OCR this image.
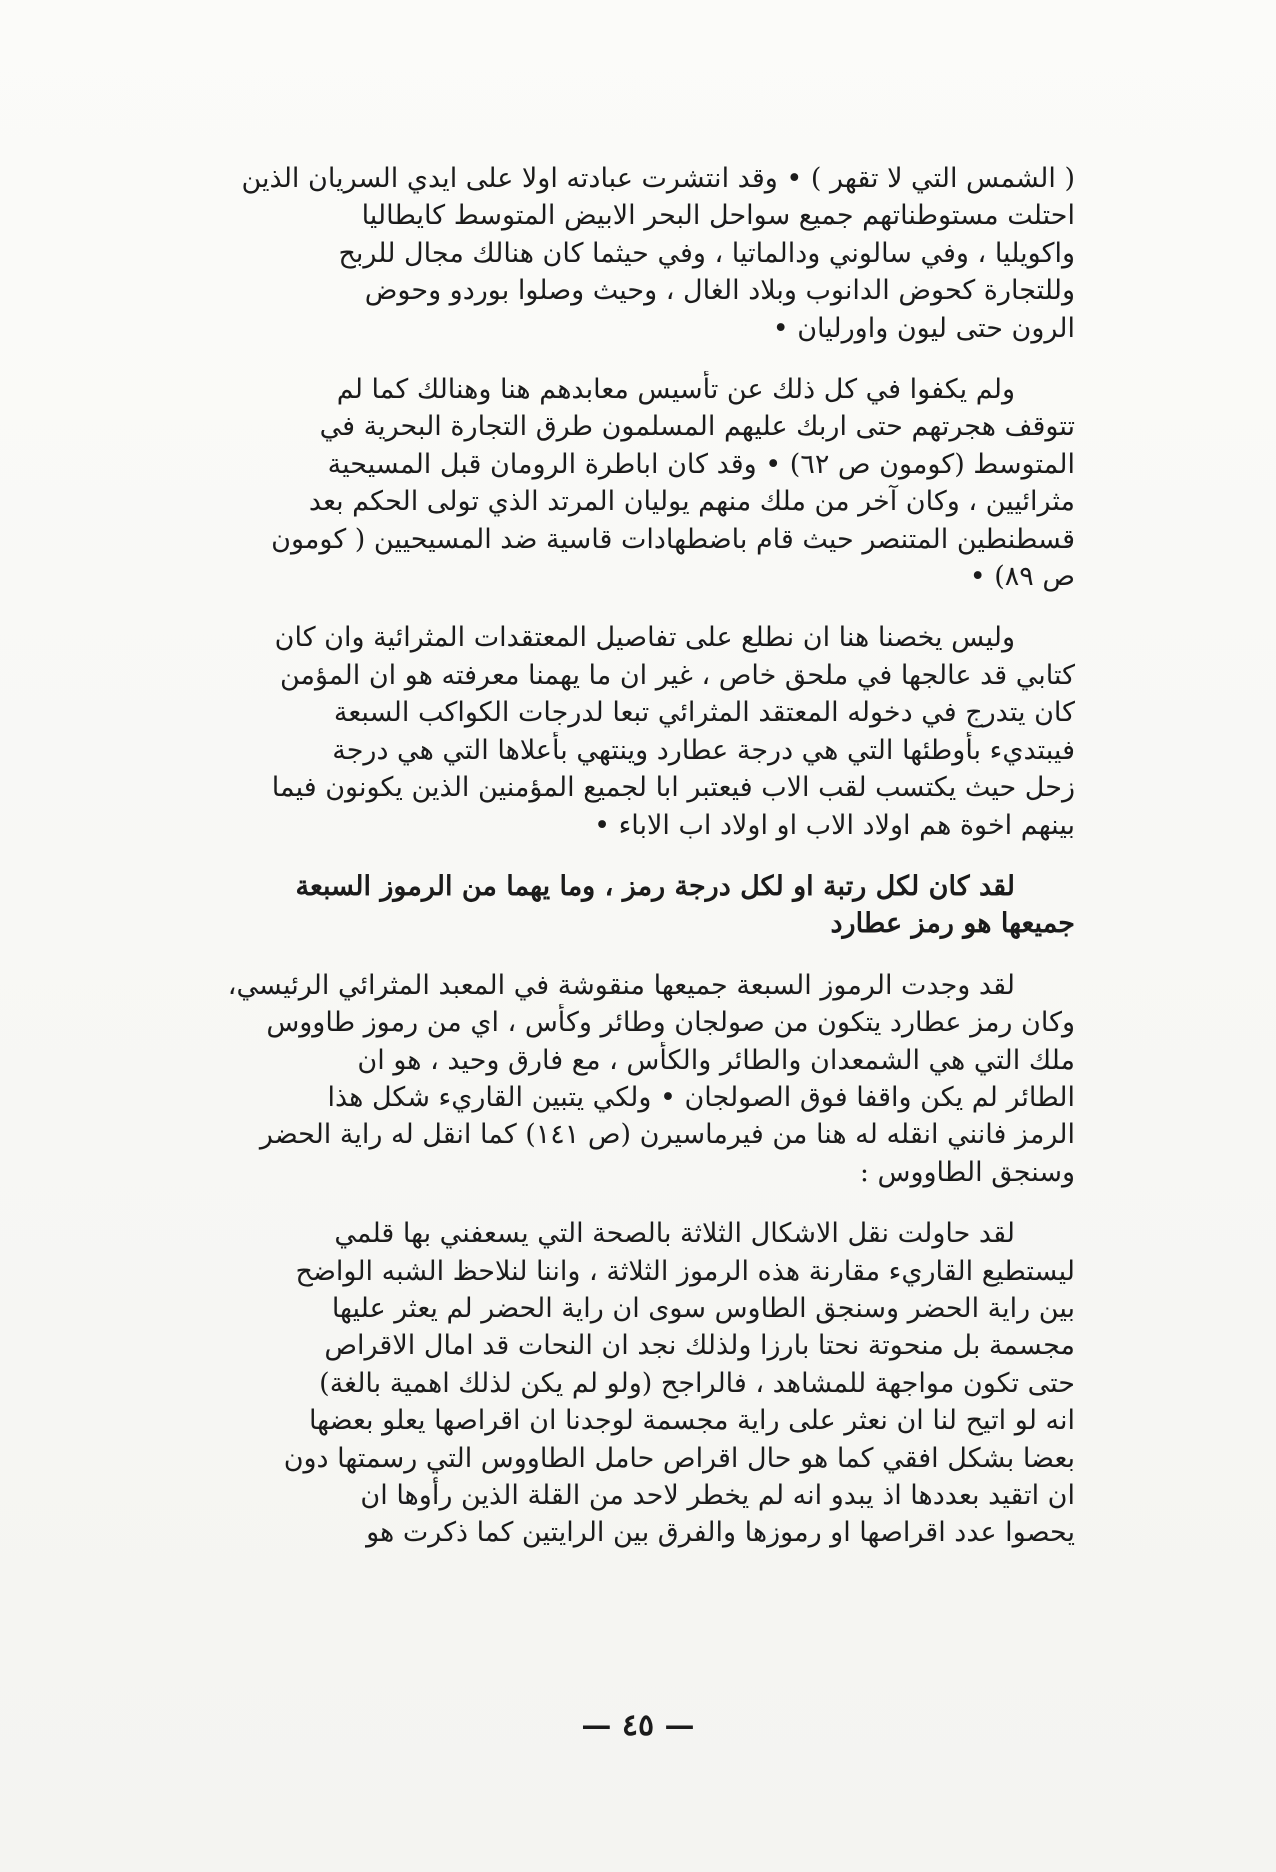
( الشمس التي لا تقهر ) • وقد انتشرت عبادته اولا على ايدي السريان الذين
احتلت مستوطناتهم جميع سواحل البحر الابيض المتوسط كايطاليا
واكويليا ، وفي سالوني ودالماتيا ، وفي حيثما كان هنالك مجال للربح
وللتجارة كحوض الدانوب وبلاد الغال ، وحيث وصلوا بوردو وحوض
الرون حتى ليون واورليان •
ولم يكفوا في كل ذلك عن تأسيس معابدهم هنا وهنالك كما لم
تتوقف هجرتهم حتى اربك عليهم المسلمون طرق التجارة البحرية في
المتوسط (كومون ص ٦٢) • وقد كان اباطرة الرومان قبل المسيحية
مثرائيين ، وكان آخر من ملك منهم يوليان المرتد الذي تولى الحكم بعد
قسطنطين المتنصر حيث قام باضطهادات قاسية ضد المسيحيين ( كومون
ص ٨٩) •
وليس يخصنا هنا ان نطلع على تفاصيل المعتقدات المثرائية وان كان
كتابي قد عالجها في ملحق خاص ، غير ان ما يهمنا معرفته هو ان المؤمن
كان يتدرج في دخوله المعتقد المثرائي تبعا لدرجات الكواكب السبعة
فيبتديء بأوطئها التي هي درجة عطارد وينتهي بأعلاها التي هي درجة
زحل حيث يكتسب لقب الاب فيعتبر ابا لجميع المؤمنين الذين يكونون فيما
بينهم اخوة هم اولاد الاب او اولاد اب الاباء •
لقد كان لكل رتبة او لكل درجة رمز ، وما يهما من الرموز السبعة
جميعها هو رمز عطارد
لقد وجدت الرموز السبعة جميعها منقوشة في المعبد المثرائي الرئيسي،
وكان رمز عطارد يتكون من صولجان وطائر وكأس ، اي من رموز طاووس
ملك التي هي الشمعدان والطائر والكأس ، مع فارق وحيد ، هو ان
الطائر لم يكن واقفا فوق الصولجان • ولكي يتبين القاريء شكل هذا
الرمز فانني انقله له هنا من فيرماسيرن (ص ١٤١) كما انقل له راية الحضر
وسنجق الطاووس :
لقد حاولت نقل الاشكال الثلاثة بالصحة التي يسعفني بها قلمي
ليستطيع القاريء مقارنة هذه الرموز الثلاثة ، واننا لنلاحظ الشبه الواضح
بين راية الحضر وسنجق الطاوس سوى ان راية الحضر لم يعثر عليها
مجسمة بل منحوتة نحتا بارزا ولذلك نجد ان النحات قد امال الاقراص
حتى تكون مواجهة للمشاهد ، فالراجح (ولو لم يكن لذلك اهمية بالغة)
انه لو اتيح لنا ان نعثر على راية مجسمة لوجدنا ان اقراصها يعلو بعضها
بعضا بشكل افقي كما هو حال اقراص حامل الطاووس التي رسمتها دون
ان اتقيد بعددها اذ يبدو انه لم يخطر لاحد من القلة الذين رأوها ان
يحصوا عدد اقراصها او رموزها والفرق بين الرايتين كما ذكرت هو
— ٤٥ —
